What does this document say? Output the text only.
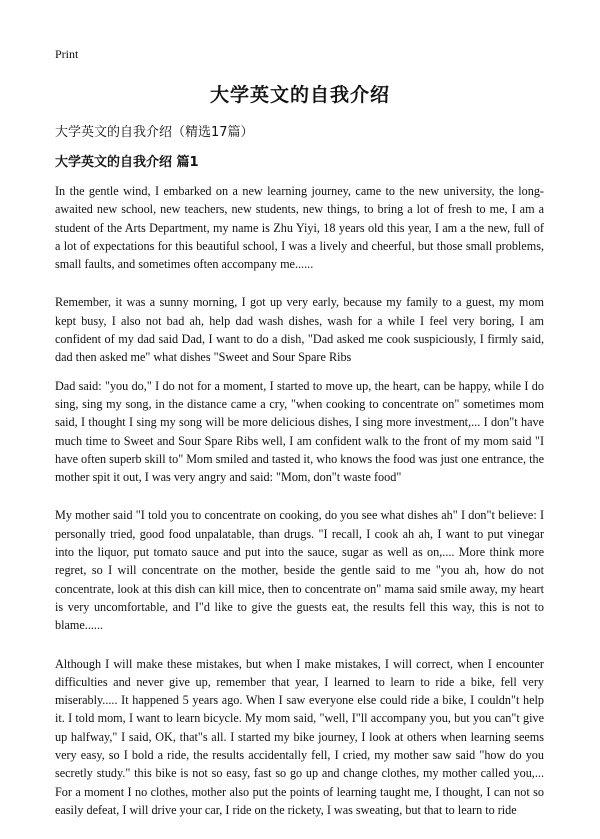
Print
大学英文的自我介绍
大学英文的自我介绍（精选17篇）
大学英文的自我介绍 篇1

In the gentle wind, I embarked on a new learning journey, came to the new university, the long-awaited new school, new teachers, new students, new things, to bring a lot of fresh to me, I am a student of the Arts Department, my name is Zhu Yiyi, 18 years old this year, I am a the new, full of a lot of expectations for this beautiful school, I was a lively and cheerful, but those small problems, small faults, and sometimes often accompany me......

Remember, it was a sunny morning, I got up very early, because my family to a guest, my mom kept busy, I also not bad ah, help dad wash dishes, wash for a while I feel very boring, I am confident of my dad said Dad, I want to do a dish, "Dad asked me cook suspiciously, I firmly said, dad then asked me" what dishes "Sweet and Sour Spare Ribs

Dad said: "you do," I do not for a moment, I started to move up, the heart, can be happy, while I do sing, sing my song, in the distance came a cry, "when cooking to concentrate on" sometimes mom said, I thought I sing my song will be more delicious dishes, I sing more investment,... I don"t have much time to Sweet and Sour Spare Ribs well, I am confident walk to the front of my mom said "I have often superb skill to" Mom smiled and tasted it, who knows the food was just one entrance, the mother spit it out, I was very angry and said: "Mom, don"t waste food"

My mother said "I told you to concentrate on cooking, do you see what dishes ah" I don"t believe: I personally tried, good food unpalatable, than drugs. "I recall, I cook ah ah, I want to put vinegar into the liquor, put tomato sauce and put into the sauce, sugar as well as on,.... More think more regret, so I will concentrate on the mother, beside the gentle said to me "you ah, how do not concentrate, look at this dish can kill mice, then to concentrate on" mama said smile away, my heart is very uncomfortable, and I"d like to give the guests eat, the results fell this way, this is not to blame......

Although I will make these mistakes, but when I make mistakes, I will correct, when I encounter difficulties and never give up, remember that year, I learned to learn to ride a bike, fell very miserably..... It happened 5 years ago. When I saw everyone else could ride a bike, I couldn"t help it. I told mom, I want to learn bicycle. My mom said, "well, I"ll accompany you, but you can"t give up halfway," I said, OK, that"s all. I started my bike journey, I look at others when learning seems very easy, so I bold a ride, the results accidentally fell, I cried, my mother saw said "how do you secretly study." this bike is not so easy, fast so go up and change clothes, my mother called you,... For a moment I no clothes, mother also put the points of learning taught me, I thought, I can not so easily defeat, I will drive your car, I ride on the rickety, I was sweating, but that to learn to ride
